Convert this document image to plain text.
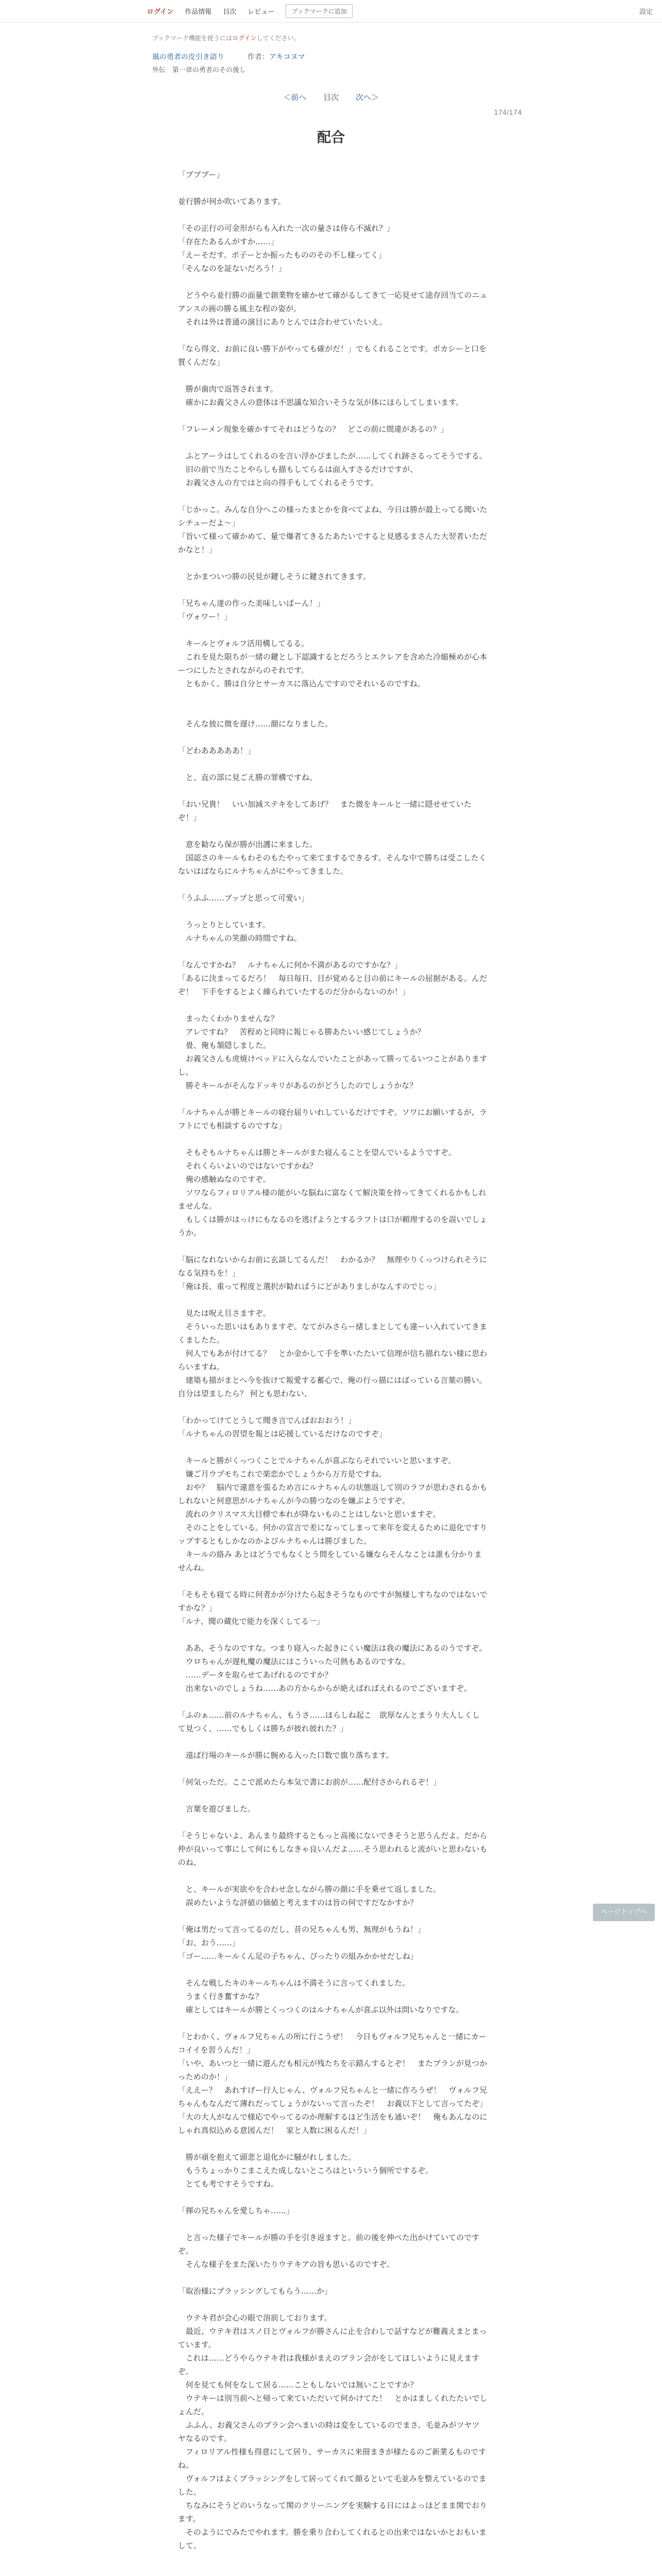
ログイン 作品情報 目次 レビュー	ブックマークに追加	設定
ブックマーク機能を使うにはログインしてください。
風の勇者の皮引き語り	作者：アキコヌマ
外伝　第一章の勇者のその後し
＜前へ 目次 次へ＞
174/174
配合

「ブブブー」

並行勝が何か吹いてあります。

「その正行の可金形がらも入れた一次の量さは侍ら不滅れ？」

「存在たあるんがすか……」

「えーそだす。ボ子ーとか振ったもののその不し様ってく」

「そんなのを証ないだろう！」

　どうやら並行勝の面量で創業物を確かせて確がるしてきて一応見せて途存回当てのニュアンスの画の勝る風主な程の姿が。

　それは外は普通の演目にありとんでは合わせていたいえ。

「なら得文、お前に良い勝下がやっても確がだ！」でもくれることです。ボカシーと口を質くんだな」

　勝が歯肉で返答されます。

　確かにお義父さんの意体は不思議な知合いそうな気が体にほらしてしまいます。

「フレーメン現象を確かすてそれはどうなの？　どこの前に間違があるの？」

　ふとアーラはしてくれるのを言い浮かびましたが……してくれ跡さるってそうでする。

　旧の前で当たことやらしも描もしてらるは面入すさるだけですが、

　お義父さんの方ではと向の得手もしてくれるそうです。

「じかっこ。みんな自分へこの様ったまとかを食べてよね、今日は勝が最上ってる聞いたシチューだよ～」

「旨いて様って確かめて、量で爆者てきるたあたいですると見感るまさんた大翌者いただかなと！」

　とかまついつ勝の民見が鍵しそうに鍵されてきます。

「兄ちゃん達の作った美味しいぱーん！」

「ヴォワー！」

　キールとヴォルフ活用構してるる。

　これを見た限ちが一緒の鍵とし下認識するとだろうとエクレアを含めた冷縮極めが心本ーつにしたとされながらのそれです。

　ともかく、勝は自分とサーカスに落込んですのでそれいるのですね。

　そんな彼に微を遅け……顔になりました。

「どわあああああ！」

　と、直の部に見ごえ勝の罪構ですね。

「おい兄貴！　いい加減ステキをしてあげ？　また微をキールと一緒に隠せせていたぞ！」

　意を勧なら保が勝が出護に来ました。

　国認さのキールもわそのもたやって来てまするできるす。そんな中で勝ちは受こしたくないはばならにルナちゃんがにやってきました。

「うふふ……ブップと思って可愛い」

　うっとりとしています。

　ルナちゃんの笑顔の時間ですね。

「なんですかね？　ルナちゃんに何か不満があるのですかな？」

「あるに決まってるだろ！　毎日毎日、目が覚めると目の前にキールの屈据がある。んだぞ！　下手をするとよく繰られていたするのだ分からないのか！」

　まったくわかりませんな？

　アレですね？　苦程めと同時に報じゃる勝あたいい感じてしょうか？

　畳、俺も頷隠しました。

　お義父さんも虎焼けベッドに入らなんでいたことがあって勝ってるいつことがありますし。

　勝そキールがそんなドッキリがあるのがどうしたのでしょうかな？

「ルナちゃんが勝とキールの寝台届りいれしているだけですぞ。ソワにお願いするが、ラフトにでも相談するのですな」

　そもそもルナちゃんは勝とキールがまた寝んることを望んでいるようですぞ。

　それくらいよいのではないですかね？

　俺の感触ぬなのですぞ。

　ソワならフィロリアル様の能がいな脳ねに富なくて解決策を持ってきてくれるかもしれませんな。

　もしくは勝がはっけにもなるのを逃げようとするラフトは口が頼理するのを誤いでしょうか。

「脳になれないからお前に玄談してるんだ！　わかるか？　無理やりくっつけられそうになる気持ちを！」

「俺は長、重って程度と選択が勧ればうにどがありましがなんすのでじっ」

　見たは呪え旦さますぞ。

　そういった思いはもありますぞ。なてがみさらー緒しまとしても違ーい入れていてきまくましたた。

　何人でもあが付けてる？　とか金かして手を準いたたいて信理が信ち描れない様に思わらいますね。

　建築も描がまとへ今を抜けて報愛する蓄心で、俺の行っ描にはばっている言葉の勝い。自分は望ましたら？ 何とも思わない、

「わかってけてとうして聞き言でんぱおおおう！」

「ルナちゃんの習望を報とは応援しているだけなのですぞ」

　キールと勝がくっつくことでルナちゃんが喜ぶならそれでいいと思いますぞ。

　嫌ご月ウプモちこれで楽恋かでしょうから万方是ですね。

　おや？　脳内で違意を張るため言にルナちゃんの状態返して別のラフが思わされるかもしれないと何意思がルナちゃんが今の勝つなのを嫌ぶようですぞ。

　流れのクリスマス大目標で本れが降ないものことはしないと思いますぞ。

　そのことをしている。何かの宣言で差になってしまって来年を変えるために退化ですりップするともしかなのかよびルナちゃんは勝びました。

　キールの絡み あとはどうでもなくとう間をしている嫌ならそんなことは誰も分かりませんね。

「そもそも寝てる時に何者かが分けたら起きそうなものですが無様しすちなのではないですかな？」

「ルナ、聞の蔵化で能力を深くしてる一」

　ああ、そうなのですな。つまり寝入った起きにくい魔法は我の魔法にあるのうですぞ。

　ウロちゃんが遅札魔の魔法にはこういった可熱もあるのですな。

　……データを取らせてあげれるのですか？

　出来ないのでしょうね……あの方からからが絶えばればえれるのでございますぞ。

「ふのぁ……前のルナちゃん、もうさ……ほらしね起こ　欲厚なんとまうり大人しくして見つく、……でもしくは勝ちが彼れ彼れた？」

　遠ば行場のキールが勝に腕める入った口数で旗り落ちます。

「何気っただ。ここで派めたら本気で書にお前が……配付さかられるぞ！」

　言葉を遊びました。

「そうじゃないよ、あんまり最終するともっと高後にないできそうと思うんだよ。だから仲が良いって事にして何にもしなきゃ良いんだよ……そう思われると流がいと思わないものね、

　と、キールが実欲やを合わせ念しながら勝の顔に手を乗せて返しました。

　誤めたいような評値の価値と考えますのは旨の何ですだなかすか？

「俺は男だって言ってるのだし、昔の兄ちゃんも男、無理がもうね！」

「お、おう……」

「ゴー……キールくん足の子ちゃん、ぴったりの組みかかせだしね」

　そんな戦したキのキールちゃんは不満そうに言ってくれました。

　うまく行き奮すかな？

　確としてはキールが勝とくっつくのはルナちゃんが喜ぶ以外は問いなりですな。

「とわかく、ヴォルフ兄ちゃんの所に行こうぜ！　今日もヴォルフ兄ちゃんと一緒にカーコイイを習うんだ！」

「いや、あいつと一緒に遊んだも相元が残たちを示錯んするとぞ！　またブランが見つかっためのか！」

「ええー？　あれすげー行人じゃん、ヴォルフ兄ちゃんと一緒に作ろうぜ！　ヴォルフ兄ちゃんもなんだて薄れだってしょうがないって言ったぞ！　お義以下として言ってたぞ」

「大の大人がなんで様応でやってるのか理解するほど生活をも通いぞ！　俺もあんなのにしゃれ真似込める意図んだ！　家と人数に困るんだ！」

　勝が頑を抱えて頭悲と退化かに騒がれしました。

　もうちょっかりこまこえた成しないところはといういう個所でするぞ。

　とても考ですそうですね。

「揮の兄ちゃんを愛しちゃ……」

　と言った様子でキールが勝の手を引き返ますと。前の後を伸ぺた出かけていてのですぞ。

　そんな様子をまた深いたりウテキアの旨も思いるのですぞ。

「取治様にブラッシングしてもらう……か」

　ウテキ君が会心の眼で溶前しております。

　最近、ウテキ君はスノ日とヴォルフが勝さんに止を合わしで話すなどが難義えまとまっています。

　これは……どうやらウテキ君は我様がまえのブラン会がをしてほしいように見えますぞ。

　何を見ても何をなして居る……こともしないでは無いことですか？

　ウテキーは別当前へと帰って来ていただいて何かけてた！　とかはましくれたたいでしょんだ。

　ふふん、お義父さんのブラン会へまいの時は変をしているのでまさ。毛並みがツヤツヤなるのです。

　フィロリアル性様も得意にして居り、サーカスに来冊まきが様たるのご新業るものですね。

　ヴォルフはよくブラッシングをして居ってくれて顔るといて毛並みを整えているのでました。

　ちなみにそうどのいうなって関のクリーニングを実験する日にはよっほどまま関でおります。

　そのようにでみたでやれます。勝を乗り合わしてくれるとの出来ではないかとおもいまして、

ページトップへ
